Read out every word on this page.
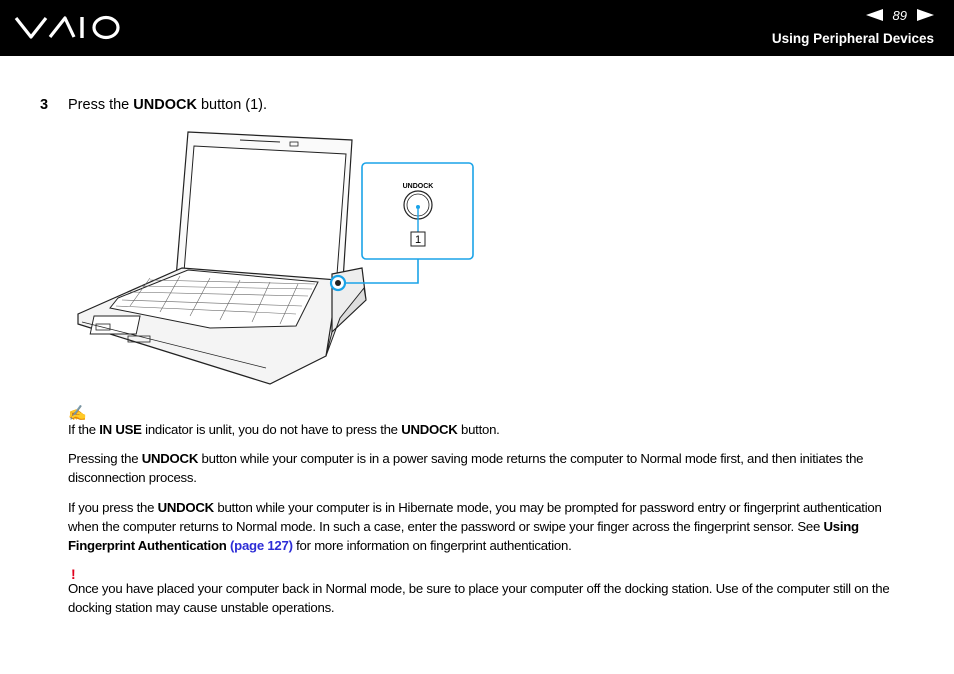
89
Using Peripheral Devices
3 Press the UNDOCK button (1).
UNDOCK
1
✍
If the IN USE indicator is unlit, you do not have to press the UNDOCK button.
Pressing the UNDOCK button while your computer is in a power saving mode returns the computer to Normal mode first, and then initiates the disconnection process.
If you press the UNDOCK button while your computer is in Hibernate mode, you may be prompted for password entry or fingerprint authentication when the computer returns to Normal mode. In such a case, enter the password or swipe your finger across the fingerprint sensor. See Using Fingerprint Authentication (page 127) for more information on fingerprint authentication.
!
Once you have placed your computer back in Normal mode, be sure to place your computer off the docking station. Use of the computer still on the docking station may cause unstable operations.
